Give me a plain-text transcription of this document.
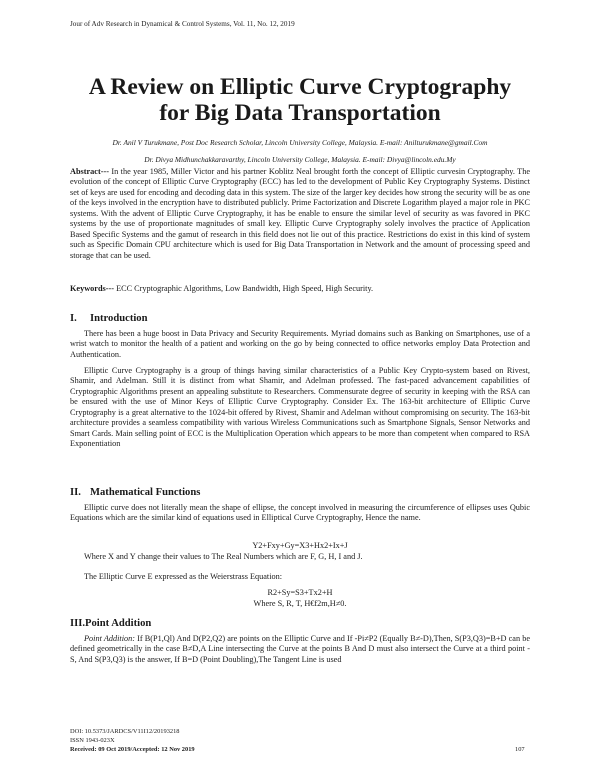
Jour of Adv Research in Dynamical & Control Systems, Vol. 11, No. 12, 2019
A Review on Elliptic Curve Cryptography
for Big Data Transportation
Dr. Anil V Turukmane, Post Doc Research Scholar, Lincoln University College, Malaysia. E-mail: Anilturukmane@gmail.Com
Dr. Divya Midhunchakkaravarthy, Lincoln University College, Malaysia. E-mail: Divya@lincoln.edu.My
Abstract--- In the year 1985, Miller Victor and his partner Koblitz Neal brought forth the concept of Elliptic curvesin Cryptography. The evolution of the concept of Elliptic Curve Cryptography (ECC) has led to the development of Public Key Cryptography Systems. Distinct set of keys are used for encoding and decoding data in this system. The size of the larger key decides how strong the security will be as one of the keys involved in the encryption have to distributed publicly. Prime Factorization and Discrete Logarithm played a major role in PKC systems. With the advent of Elliptic Curve Cryptography, it has be enable to ensure the similar level of security as was favored in PKC systems by the use of proportionate magnitudes of small key. Elliptic Curve Cryptography solely involves the practice of Application Based Specific Systems and the gamut of research in this field does not lie out of this practice. Restrictions do exist in this kind of system such as Specific Domain CPU architecture which is used for Big Data Transportation in Network and the amount of processing speed and storage that can be used.
Keywords--- ECC Cryptographic Algorithms, Low Bandwidth, High Speed, High Security.
I. Introduction
There has been a huge boost in Data Privacy and Security Requirements. Myriad domains such as Banking on Smartphones, use of a wrist watch to monitor the health of a patient and working on the go by being connected to office networks employ Data Protection and Authentication.
Elliptic Curve Cryptography is a group of things having similar characteristics of a Public Key Crypto-system based on Rivest, Shamir, and Adelman. Still it is distinct from what Shamir, and Adelman professed. The fast-paced advancement capabilities of Cryptographic Algorithms present an appealing substitute to Researchers. Commensurate degree of security in keeping with the RSA can be ensured with the use of Minor Keys of Elliptic Curve Cryptography. Consider Ex. The 163-bit architecture of Elliptic Curve Cryptography is a great alternative to the 1024-bit offered by Rivest, Shamir and Adelman without compromising on security. The 163-bit architecture provides a seamless compatibility with various Wireless Communications such as Smartphone Signals, Sensor Networks and Smart Cards. Main selling point of ECC is the Multiplication Operation which appears to be more than competent when compared to RSA Exponentiation
II. Mathematical Functions
Elliptic curve does not literally mean the shape of ellipse, the concept involved in measuring the circumference of ellipses uses Qubic Equations which are the similar kind of equations used in Elliptical Curve Cryptography, Hence the name.
Y2+Fxy+Gy=X3+Hx2+Ix+J
Where X and Y change their values to The Real Numbers which are F, G, H, I and J.
The Elliptic Curve E expressed as the Weierstrass Equation:
R2+Sy=S3+Tx2+H
Where S, R, T, H€f2m,H≠0.
III.Point Addition
Point Addition: If B(P1,Ql) And D(P2,Q2) are points on the Elliptic Curve and If -Pi≠P2 (Equally B≠-D),Then, S(P3,Q3)=B+D can be defined geometrically in the case B≠D,A Line intersecting the Curve at the points B And D must also intersect the Curve at a third point -S, And S(P3,Q3) is the answer, If B=D (Point Doubling),The Tangent Line is used
DOI: 10.5373/JARDCS/V11I12/20193218
ISSN 1943-023X
Received: 09 Oct 2019/Accepted: 12 Nov 2019	107
